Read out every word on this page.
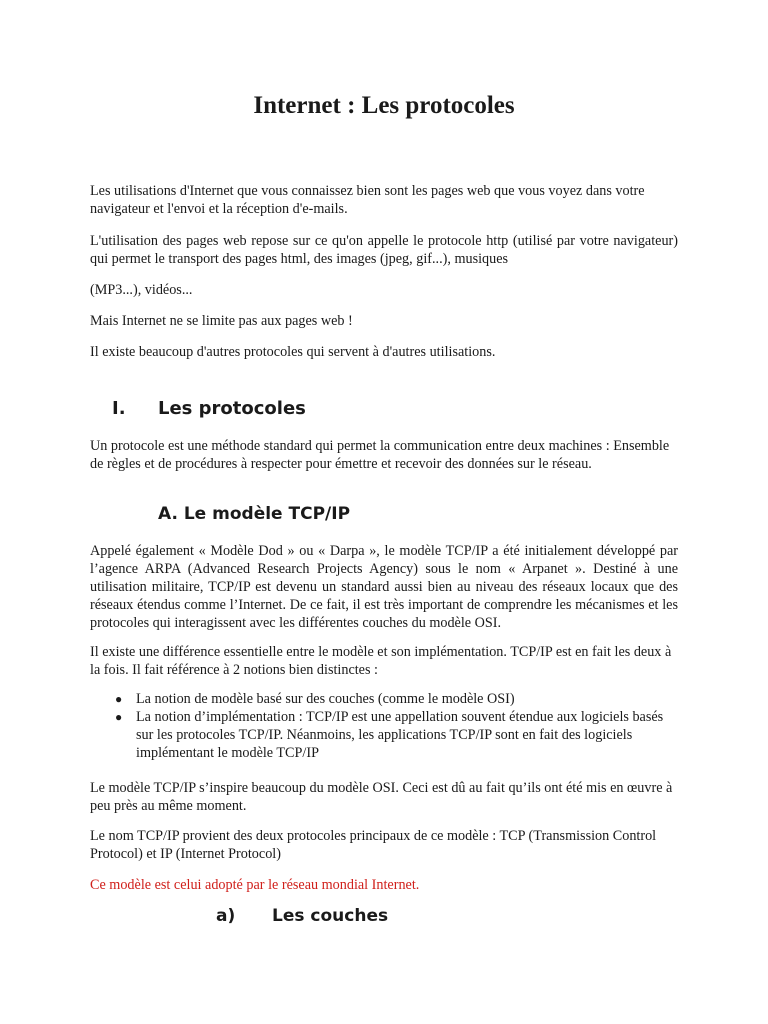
Internet : Les protocoles
Les utilisations d'Internet que vous connaissez bien sont les pages web que vous voyez dans votre navigateur et l'envoi et la réception d'e-mails.
L'utilisation des pages web repose sur ce qu'on appelle le protocole http (utilisé par votre navigateur) qui permet le transport des pages html, des images (jpeg, gif...), musiques
(MP3...), vidéos...
Mais Internet ne se limite pas aux pages web !
Il existe beaucoup d'autres protocoles qui servent à d'autres utilisations.
I. Les protocoles
Un protocole est une méthode standard qui permet la communication entre deux machines : Ensemble de règles et de procédures à respecter pour émettre et recevoir des données sur le réseau.
A. Le modèle TCP/IP
Appelé également « Modèle Dod » ou « Darpa », le modèle TCP/IP a été initialement développé par l’agence ARPA (Advanced Research Projects Agency) sous le nom « Arpanet ». Destiné à une utilisation militaire, TCP/IP est devenu un standard aussi bien au niveau des réseaux locaux que des réseaux étendus comme l’Internet. De ce fait, il est très important de comprendre les mécanismes et les protocoles qui interagissent avec les différentes couches du modèle OSI.
Il existe une différence essentielle entre le modèle et son implémentation. TCP/IP est en fait les deux à la fois. Il fait référence à 2 notions bien distinctes :
● La notion de modèle basé sur des couches (comme le modèle OSI)
● La notion d’implémentation : TCP/IP est une appellation souvent étendue aux logiciels basés sur les protocoles TCP/IP. Néanmoins, les applications TCP/IP sont en fait des logiciels implémentant le modèle TCP/IP
Le modèle TCP/IP s’inspire beaucoup du modèle OSI. Ceci est dû au fait qu’ils ont été mis en œuvre à peu près au même moment.
Le nom TCP/IP provient des deux protocoles principaux de ce modèle : TCP (Transmission Control Protocol) et IP (Internet Protocol)
Ce modèle est celui adopté par le réseau mondial Internet.
a) Les couches
